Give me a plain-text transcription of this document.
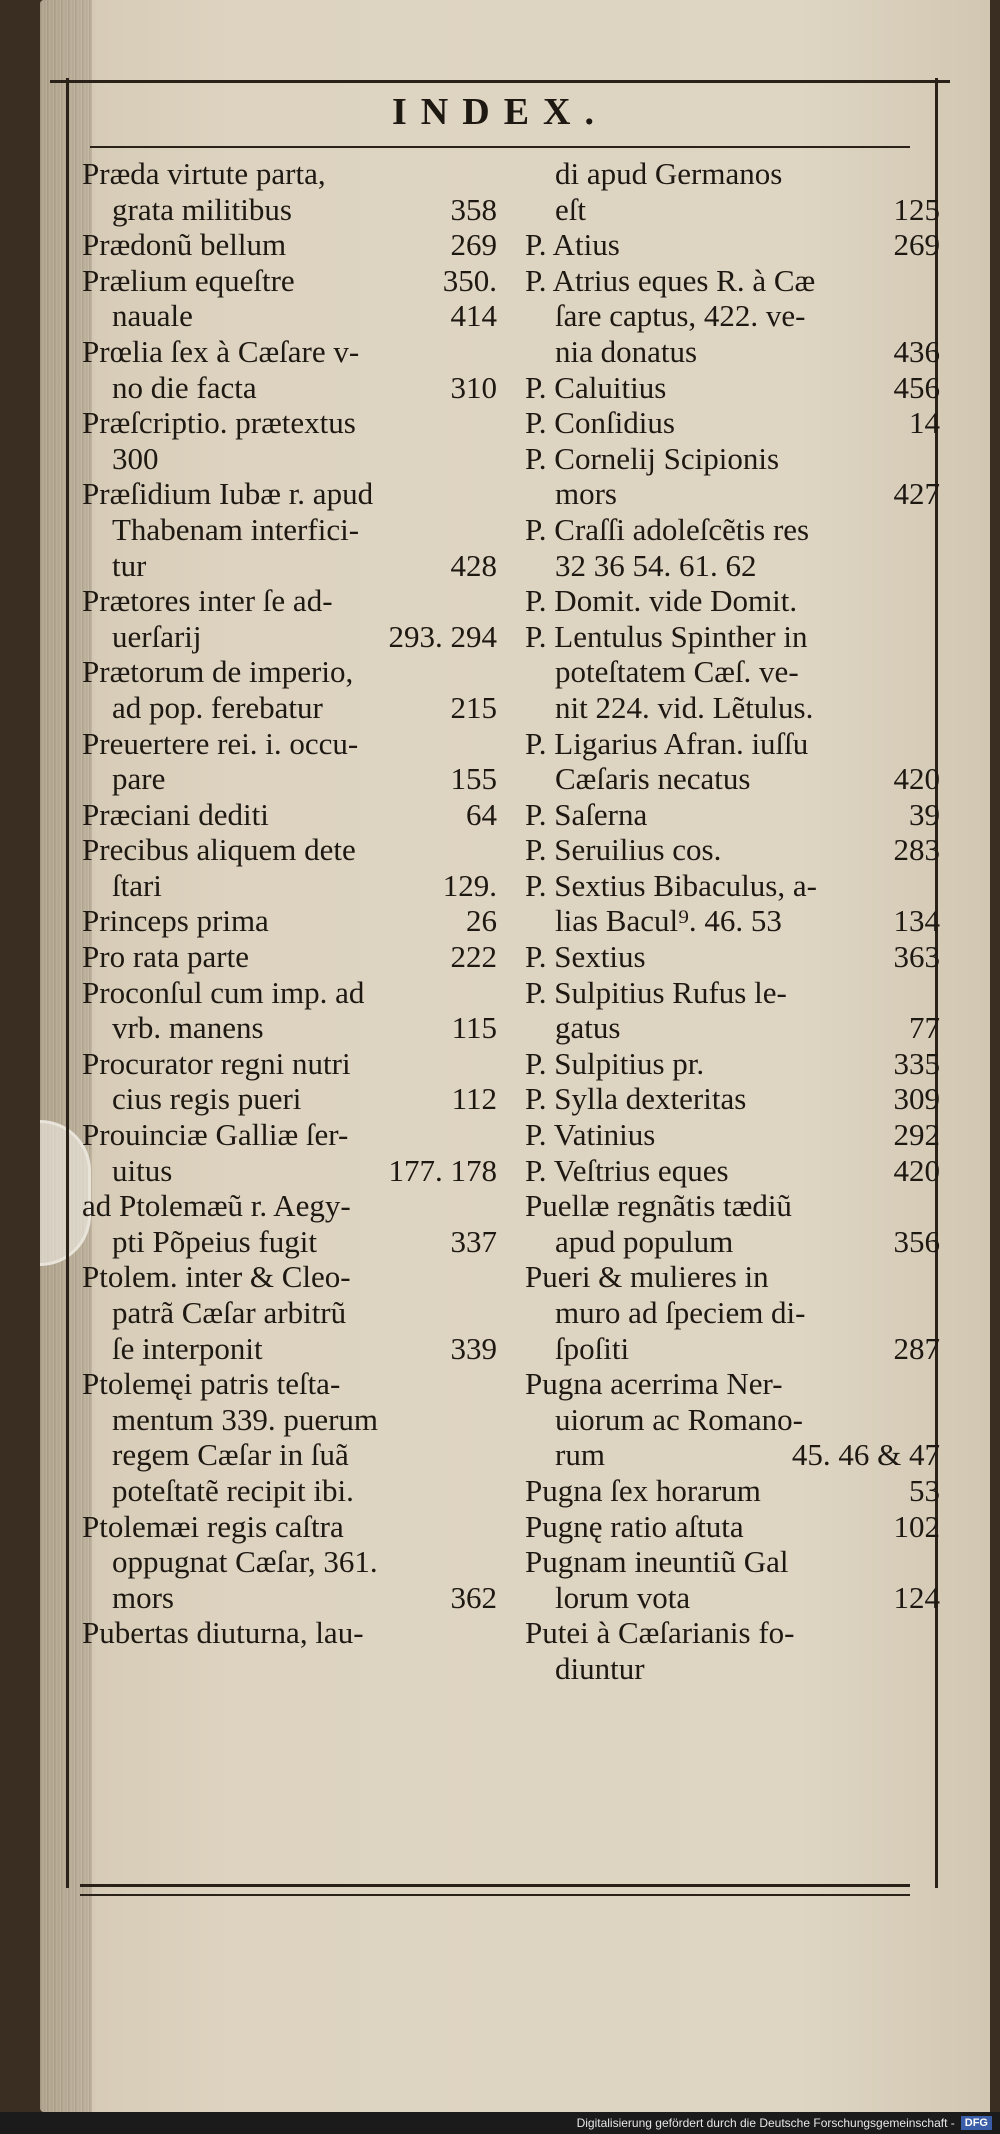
INDEX.
Præda virtute parta,
grata militibus	358
Prædonũ bellum	269
Prælium equeſtre	350.
nauale	414
Prœlia ſex à Cæſare v-
no die facta	310
Præſcriptio. prætextus
300
Præſidium Iubæ r. apud
Thabenam interfici-
tur	428
Prætores inter ſe ad-
uerſarij	293. 294
Prætorum de imperio,
ad pop. ferebatur	215
Preuertere rei. i. occu-
pare	155
Præciani dediti	64
Precibus aliquem dete
ſtari	129.
Princeps prima	26
Pro rata parte	222
Proconſul cum imp. ad
vrb. manens	115
Procurator regni nutri
cius regis pueri	112
Prouinciæ Galliæ ſer-
uitus	177. 178
ad Ptolemæũ r. Aegy-
pti Põpeius fugit	337
Ptolem. inter & Cleo-
patrã Cæſar arbitrũ
ſe interponit	339
Ptolemęi patris teſta-
mentum 339. puerum
regem Cæſar in ſuã
poteſtatẽ recipit ibi.
Ptolemæi regis caſtra
oppugnat Cæſar, 361.
mors	362
Pubertas diuturna, lau-
di apud Germanos
eſt	125
P. Atius	269
P. Atrius eques R. à Cæ
ſare captus, 422. ve-
nia donatus	436
P. Caluitius	456
P. Conſidius	14
P. Cornelij Scipionis
mors	427
P. Craſſi adoleſcẽtis res
32 36 54. 61. 62
P. Domit. vide Domit.
P. Lentulus Spinther in
poteſtatem Cæſ. ve-
nit 224. vid. Lẽtulus.
P. Ligarius Afran. iuſſu
Cæſaris necatus	420
P. Saſerna	39
P. Seruilius cos.	283
P. Sextius Bibaculus, a-
lias Bacul⁹. 46. 53	134
P. Sextius	363
P. Sulpitius Rufus le-
gatus	77
P. Sulpitius pr.	335
P. Sylla dexteritas	309
P. Vatinius	292
P. Veſtrius eques	420
Puellæ regnãtis tædiũ
apud populum	356
Pueri & mulieres in
muro ad ſpeciem di-
ſpoſiti	287
Pugna acerrima Ner-
uiorum ac Romano-
rum	45. 46 & 47
Pugna ſex horarum	53
Pugnę ratio aſtuta	102
Pugnam ineuntiũ Gal
lorum vota	124
Putei à Cæſarianis fo-
diuntur
Digitalisierung gefördert durch die Deutsche Forschungsgemeinschaft - DFG
